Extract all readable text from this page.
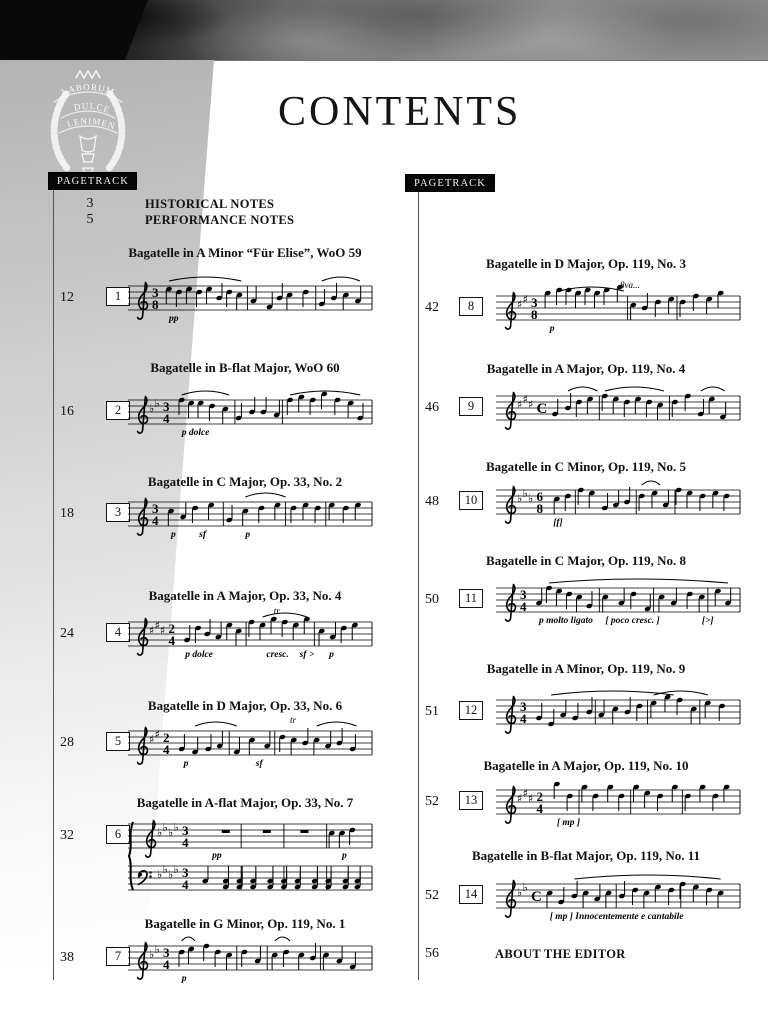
LABORUM
DULCE
LENIMEN	CONTENTS
PAGE TRACK	PAGE TRACK
3	HISTORICAL NOTES
5	PERFORMANCE NOTES
Bagatelle in A Minor “Für Elise”, WoO 59
12	1	3
8
pp
Bagatelle in B-flat Major, WoO 60
16	2	♭ ♭ 3
4
p dolce
Bagatelle in C Major, Op. 33, No. 2
18	3	3
4
p sf	p
Bagatelle in A Major, Op. 33, No. 4
24	4	♯ ♯ ♯ 2
4
tr
p dolce	cresc. sf > p
Bagatelle in D Major, Op. 33, No. 6
28	5	♯ ♯ 2
4
tr
p	sf
Bagatelle in A-flat Major, Op. 33, No. 7
32	6	♭ ♭ ♭ ♭ 3
4
♭ ♭ ♭ ♭ 3
4
pp	p
Bagatelle in G Minor, Op. 119, No. 1
38	7	♭ ♭ 3
4
p
Bagatelle in D Major, Op. 119, No. 3
42	8	♯ ♯ 3
8
8va...
p
Bagatelle in A Major, Op. 119, No. 4
46	9	♯ ♯ ♯ C
Bagatelle in C Minor, Op. 119, No. 5
48	10	♭ ♭ ♭ 6
8
[f]
Bagatelle in C Major, Op. 119, No. 8
50	11	3
4
p molto ligato [ poco cresc. ]	[>]
Bagatelle in A Minor, Op. 119, No. 9
51	12	3
4
Bagatelle in A Major, Op. 119, No. 10
52	13	♯ ♯ ♯ 2
4
[ mp ]
Bagatelle in B-flat Major, Op. 119, No. 11
52	14	♭ ♭
C
[ mp ] Innocentemente e cantabile
56	ABOUT THE EDITOR
